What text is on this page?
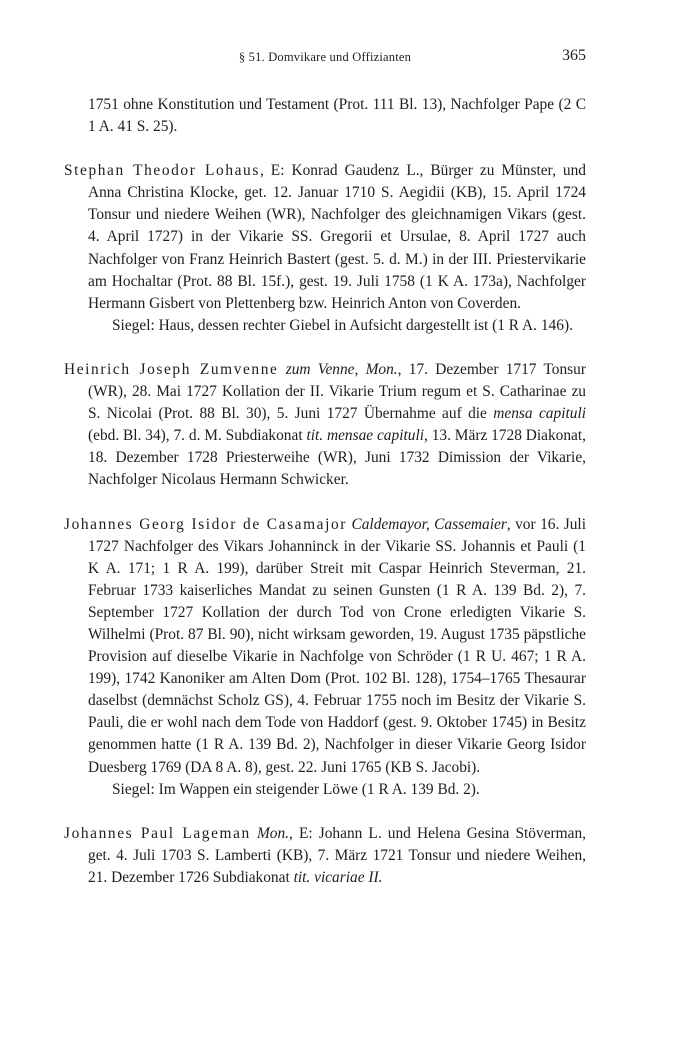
§ 51. Domvikare und Offizianten	365

1751 ohne Konstitution und Testament (Prot. 111 Bl. 13), Nachfolger Pape (2 C 1 A. 41 S. 25).

Stephan Theodor Lohaus, E: Konrad Gaudenz L., Bürger zu Münster, und Anna Christina Klocke, get. 12. Januar 1710 S. Aegidii (KB), 15. April 1724 Tonsur und niedere Weihen (WR), Nachfolger des gleichnamigen Vikars (gest. 4. April 1727) in der Vikarie SS. Gregorii et Ursulae, 8. April 1727 auch Nachfolger von Franz Heinrich Bastert (gest. 5. d. M.) in der III. Priestervikarie am Hochaltar (Prot. 88 Bl. 15f.), gest. 19. Juli 1758 (1 K A. 173a), Nachfolger Hermann Gisbert von Plettenberg bzw. Heinrich Anton von Coverden.

Siegel: Haus, dessen rechter Giebel in Aufsicht dargestellt ist (1 R A. 146).

Heinrich Joseph Zumvenne zum Venne, Mon., 17. Dezember 1717 Tonsur (WR), 28. Mai 1727 Kollation der II. Vikarie Trium regum et S. Catharinae zu S. Nicolai (Prot. 88 Bl. 30), 5. Juni 1727 Übernahme auf die mensa capituli (ebd. Bl. 34), 7. d. M. Subdiakonat tit. mensae capituli, 13. März 1728 Diakonat, 18. Dezember 1728 Priesterweihe (WR), Juni 1732 Dimission der Vikarie, Nachfolger Nicolaus Hermann Schwicker.

Johannes Georg Isidor de Casamajor Caldemayor, Cassemaier, vor 16. Juli 1727 Nachfolger des Vikars Johanninck in der Vikarie SS. Johannis et Pauli (1 K A. 171; 1 R A. 199), darüber Streit mit Caspar Heinrich Steverman, 21. Februar 1733 kaiserliches Mandat zu seinen Gunsten (1 R A. 139 Bd. 2), 7. September 1727 Kollation der durch Tod von Crone erledigten Vikarie S. Wilhelmi (Prot. 87 Bl. 90), nicht wirksam geworden, 19. August 1735 päpstliche Provision auf dieselbe Vikarie in Nachfolge von Schröder (1 R U. 467; 1 R A. 199), 1742 Kanoniker am Alten Dom (Prot. 102 Bl. 128), 1754–1765 Thesaurar daselbst (demnächst Scholz GS), 4. Februar 1755 noch im Besitz der Vikarie S. Pauli, die er wohl nach dem Tode von Haddorf (gest. 9. Oktober 1745) in Besitz genommen hatte (1 R A. 139 Bd. 2), Nachfolger in dieser Vikarie Georg Isidor Duesberg 1769 (DA 8 A. 8), gest. 22. Juni 1765 (KB S. Jacobi).

Siegel: Im Wappen ein steigender Löwe (1 R A. 139 Bd. 2).

Johannes Paul Lageman Mon., E: Johann L. und Helena Gesina Stöverman, get. 4. Juli 1703 S. Lamberti (KB), 7. März 1721 Tonsur und niedere Weihen, 21. Dezember 1726 Subdiakonat tit. vicariae II.
